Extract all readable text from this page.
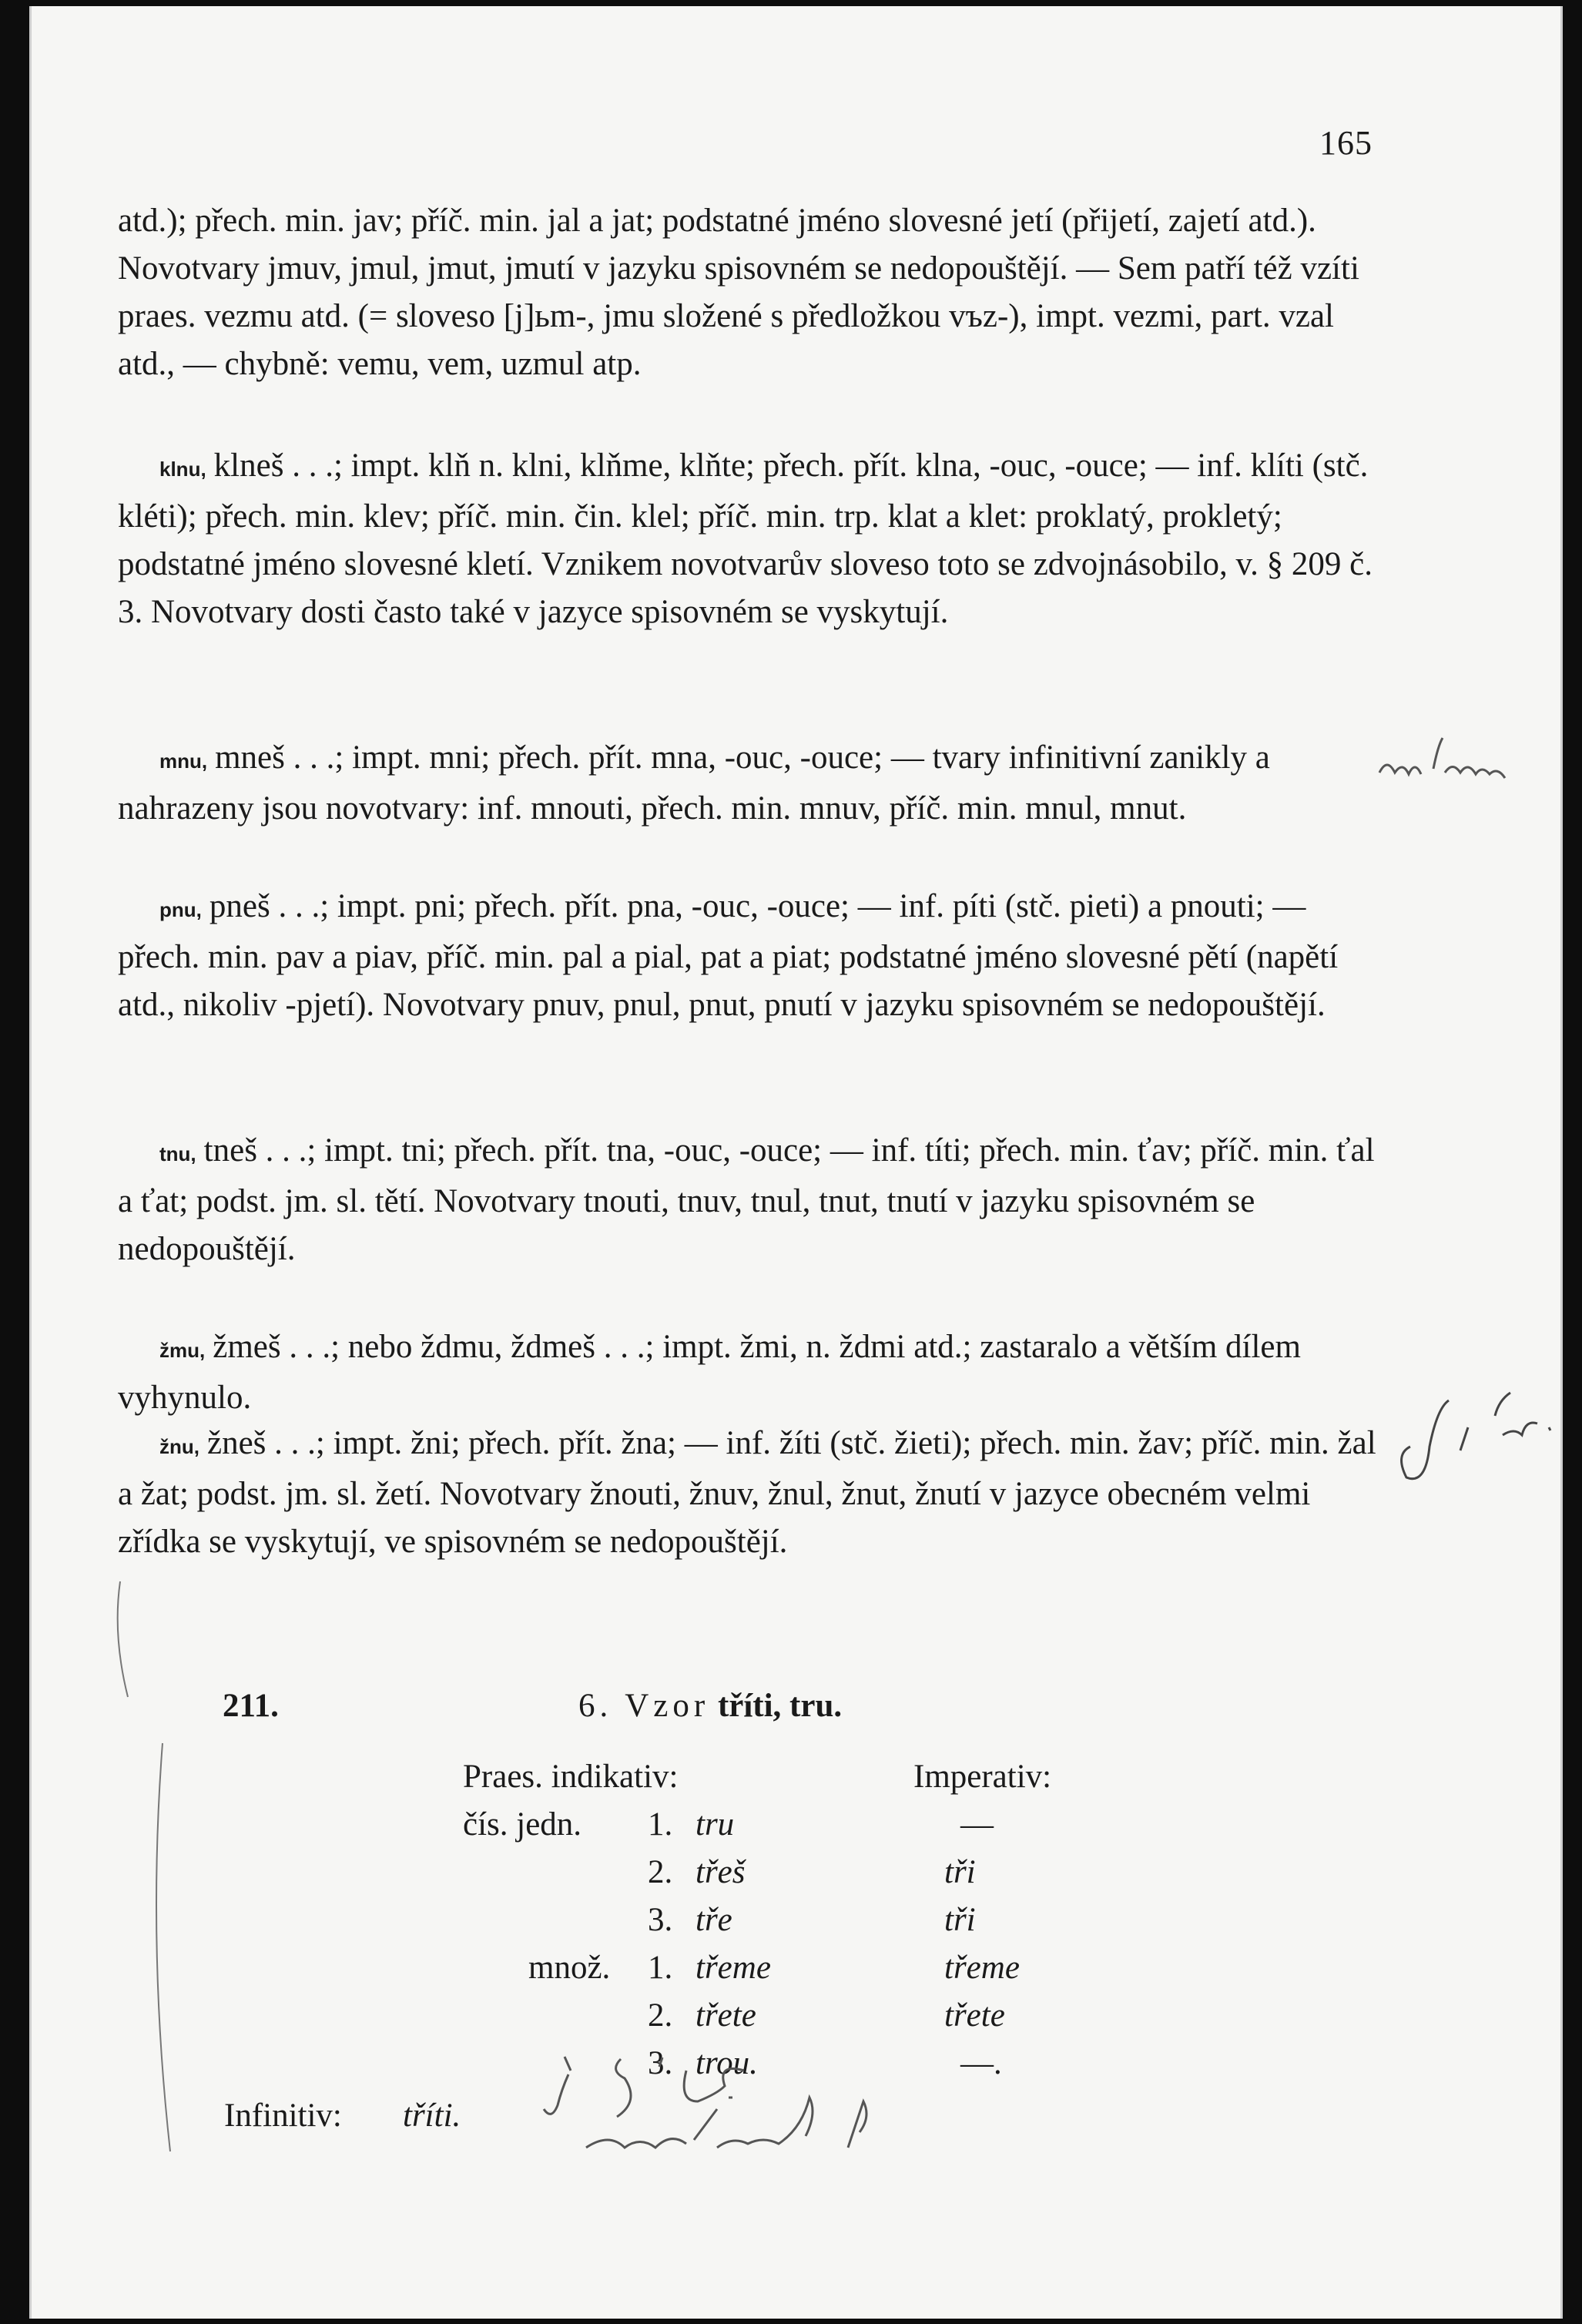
165

atd.); přech. min. jav; příč. min. jal a jat; podstatné jméno slovesné jetí (přijetí, zajetí atd.). Novotvary jmuv, jmul, jmut, jmutí v jazyku spisovném se nedopouštějí. — Sem patří též vzíti praes. vezmu atd. (= sloveso [j]ьm-, jmu složené s předložkou vъz-), impt. vezmi, part. vzal atd., — chybně: vemu, vem, uzmul atp.

klnu, klneš . . .; impt. klň n. klni, klňme, klňte; přech. přít. klna, -ouc, -ouce; — inf. klíti (stč. kléti); přech. min. klev; příč. min. čin. klel; příč. min. trp. klat a klet: proklatý, prokletý; podstatné jméno slovesné kletí. Vznikem novotvarův sloveso toto se zdvojnásobilo, v. § 209 č. 3. Novotvary dosti často také v jazyce spisovném se vyskytují.

mnu, mneš . . .; impt. mni; přech. přít. mna, -ouc, -ouce; — tvary infinitivní zanikly a nahrazeny jsou novotvary: inf. mnouti, přech. min. mnuv, příč. min. mnul, mnut.

pnu, pneš . . .; impt. pni; přech. přít. pna, -ouc, -ouce; — inf. píti (stč. pieti) a pnouti; — přech. min. pav a piav, příč. min. pal a pial, pat a piat; podstatné jméno slovesné pětí (napětí atd., nikoliv -pjetí). Novotvary pnuv, pnul, pnut, pnutí v jazyku spisovném se nedopouštějí.

tnu, tneš . . .; impt. tni; přech. přít. tna, -ouc, -ouce; — inf. títi; přech. min. ťav; příč. min. ťal a ťat; podst. jm. sl. tětí. Novotvary tnouti, tnuv, tnul, tnut, tnutí v jazyku spisovném se nedopouštějí.

žmu, žmeš . . .; nebo ždmu, ždmeš . . .; impt. žmi, n. ždmi atd.; zastaralo a větším dílem vyhynulo.

žnu, žneš . . .; impt. žni; přech. přít. žna; — inf. žíti (stč. žieti); přech. min. žav; příč. min. žal a žat; podst. jm. sl. žetí. Novotvary žnouti, žnuv, žnul, žnut, žnutí v jazyce obecném velmi zřídka se vyskytují, ve spisovném se nedopouštějí.

211.	6. Vzor tříti, tru.
Praes. indikativ:	Imperativ:
čís. jedn. 1. tru	—
2. třeš	tři
3. tře	tři
množ. 1. třeme	třeme
2. třete	třete
3. trou.	—.
Infinitiv: tříti.
